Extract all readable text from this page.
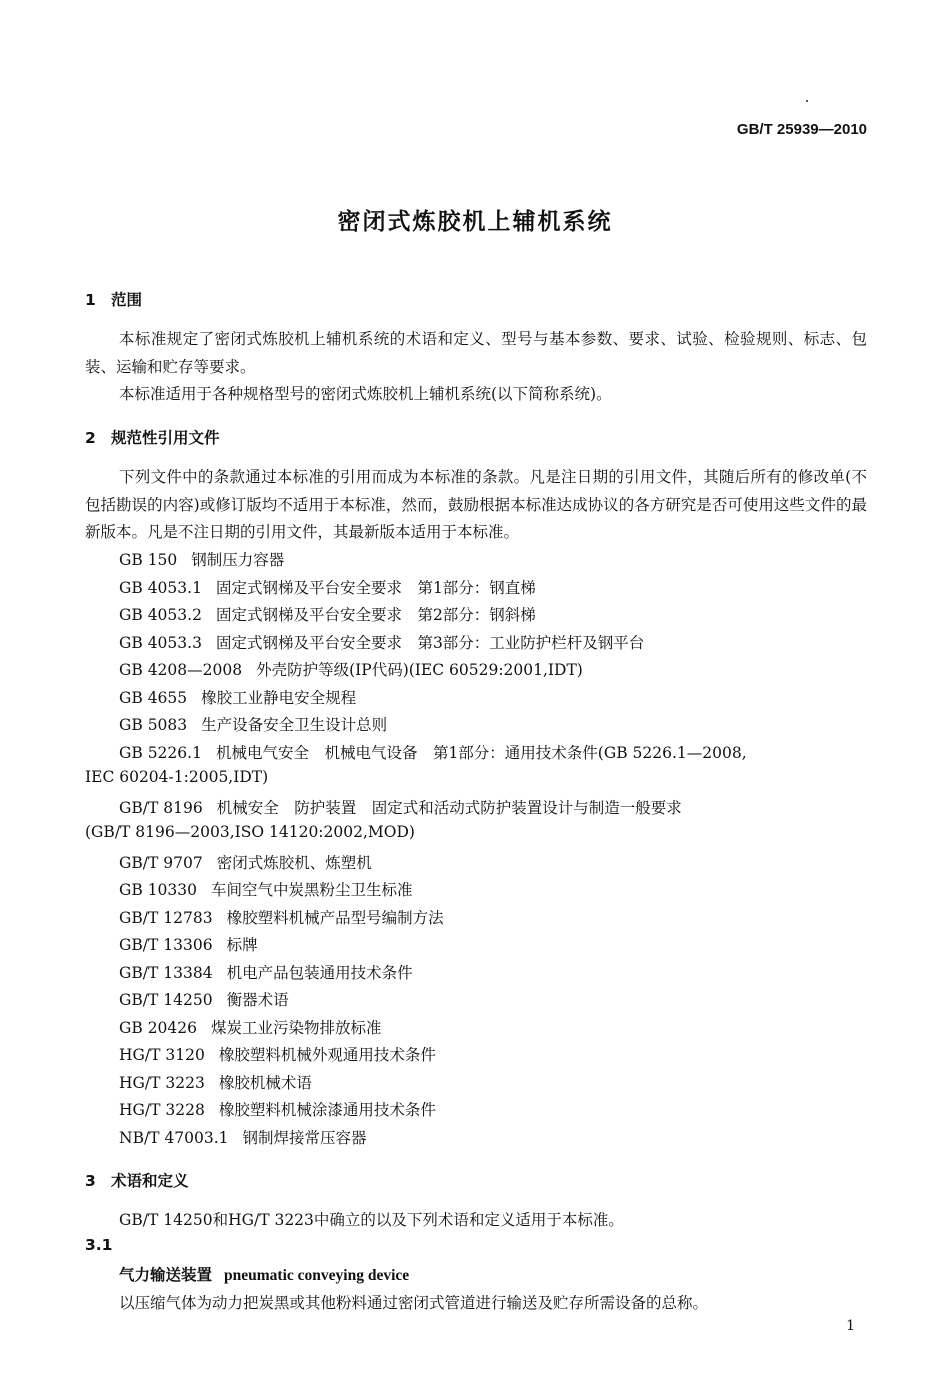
GB/T 25939—2010
密闭式炼胶机上辅机系统
1 范围
本标准规定了密闭式炼胶机上辅机系统的术语和定义、型号与基本参数、要求、试验、检验规则、标志、包装、运输和贮存等要求。
本标准适用于各种规格型号的密闭式炼胶机上辅机系统(以下简称系统)。
2 规范性引用文件
下列文件中的条款通过本标准的引用而成为本标准的条款。凡是注日期的引用文件，其随后所有的修改单(不包括勘误的内容)或修订版均不适用于本标准，然而，鼓励根据本标准达成协议的各方研究是否可使用这些文件的最新版本。凡是不注日期的引用文件，其最新版本适用于本标准。
GB 150 钢制压力容器
GB 4053.1 固定式钢梯及平台安全要求　第1部分：钢直梯
GB 4053.2 固定式钢梯及平台安全要求　第2部分：钢斜梯
GB 4053.3 固定式钢梯及平台安全要求　第3部分：工业防护栏杆及钢平台
GB 4208—2008 外壳防护等级(IP代码)(IEC 60529:2001,IDT)
GB 4655 橡胶工业静电安全规程
GB 5083 生产设备安全卫生设计总则
GB 5226.1 机械电气安全　机械电气设备　第1部分：通用技术条件(GB 5226.1—2008,
IEC 60204-1:2005,IDT)
GB/T 8196 机械安全　防护装置　固定式和活动式防护装置设计与制造一般要求
(GB/T 8196—2003,ISO 14120:2002,MOD)
GB/T 9707 密闭式炼胶机、炼塑机
GB 10330 车间空气中炭黑粉尘卫生标准
GB/T 12783 橡胶塑料机械产品型号编制方法
GB/T 13306 标牌
GB/T 13384 机电产品包装通用技术条件
GB/T 14250 衡器术语
GB 20426 煤炭工业污染物排放标准
HG/T 3120 橡胶塑料机械外观通用技术条件
HG/T 3223 橡胶机械术语
HG/T 3228 橡胶塑料机械涂漆通用技术条件
NB/T 47003.1 钢制焊接常压容器
3 术语和定义
GB/T 14250和HG/T 3223中确立的以及下列术语和定义适用于本标准。
3.1
气力输送装置 pneumatic conveying device
以压缩气体为动力把炭黑或其他粉料通过密闭式管道进行输送及贮存所需设备的总称。
1
